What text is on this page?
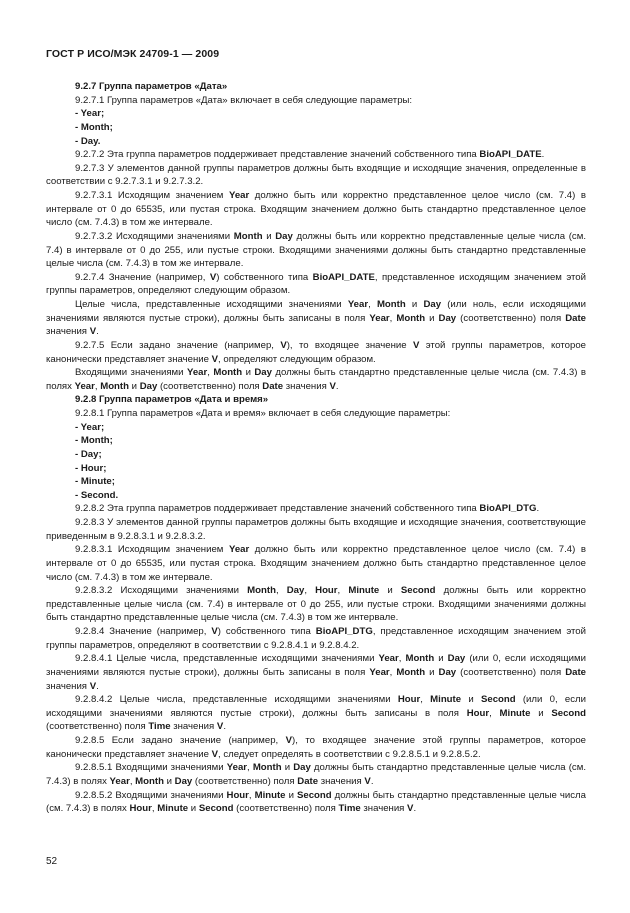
ГОСТ Р ИСО/МЭК 24709-1 — 2009

9.2.7 Группа параметров «Дата»

9.2.7.1 Группа параметров «Дата» включает в себя следующие параметры:

- Year;

- Month;

- Day.

9.2.7.2 Эта группа параметров поддерживает представление значений собственного типа BioAPI_DATE.

9.2.7.3 У элементов данной группы параметров должны быть входящие и исходящие значения, определенные в соответствии с 9.2.7.3.1 и 9.2.7.3.2.

9.2.7.3.1 Исходящим значением Year должно быть или корректно представленное целое число (см. 7.4) в интервале от 0 до 65535, или пустая строка. Входящим значением должно быть стандартно представленное целое число (см. 7.4.3) в том же интервале.

9.2.7.3.2 Исходящими значениями Month и Day должны быть или корректно представленные целые числа (см. 7.4) в интервале от 0 до 255, или пустые строки. Входящими значениями должны быть стандартно представленные целые числа (см. 7.4.3) в том же интервале.

9.2.7.4 Значение (например, V) собственного типа BioAPI_DATE, представленное исходящим значением этой группы параметров, определяют следующим образом.

Целые числа, представленные исходящими значениями Year, Month и Day (или ноль, если исходящими значениями являются пустые строки), должны быть записаны в поля Year, Month и Day (соответственно) поля Date значения V.

9.2.7.5 Если задано значение (например, V), то входящее значение V этой группы параметров, которое канонически представляет значение V, определяют следующим образом.

Входящими значениями Year, Month и Day должны быть стандартно представленные целые числа (см. 7.4.3) в полях Year, Month и Day (соответственно) поля Date значения V.

9.2.8 Группа параметров «Дата и время»

9.2.8.1 Группа параметров «Дата и время» включает в себя следующие параметры:

- Year;

- Month;

- Day;

- Hour;

- Minute;

- Second.

9.2.8.2 Эта группа параметров поддерживает представление значений собственного типа BioAPI_DTG.

9.2.8.3 У элементов данной группы параметров должны быть входящие и исходящие значения, соответствующие приведенным в 9.2.8.3.1 и 9.2.8.3.2.

9.2.8.3.1 Исходящим значением Year должно быть или корректно представленное целое число (см. 7.4) в интервале от 0 до 65535, или пустая строка. Входящим значением должно быть стандартно представленное целое число (см. 7.4.3) в том же интервале.

9.2.8.3.2 Исходящими значениями Month, Day, Hour, Minute и Second должны быть или корректно представленные целые числа (см. 7.4) в интервале от 0 до 255, или пустые строки. Входящими значениями должны быть стандартно представленные целые числа (см. 7.4.3) в том же интервале.

9.2.8.4 Значение (например, V) собственного типа BioAPI_DTG, представленное исходящим значением этой группы параметров, определяют в соответствии с 9.2.8.4.1 и 9.2.8.4.2.

9.2.8.4.1 Целые числа, представленные исходящими значениями Year, Month и Day (или 0, если исходящими значениями являются пустые строки), должны быть записаны в поля Year, Month и Day (соответственно) поля Date значения V.

9.2.8.4.2 Целые числа, представленные исходящими значениями Hour, Minute и Second (или 0, если исходящими значениями являются пустые строки), должны быть записаны в поля Hour, Minute и Second (соответственно) поля Time значения V.

9.2.8.5 Если задано значение (например, V), то входящее значение этой группы параметров, которое канонически представляет значение V, следует определять в соответствии с 9.2.8.5.1 и 9.2.8.5.2.

9.2.8.5.1 Входящими значениями Year, Month и Day должны быть стандартно представленные целые числа (см. 7.4.3) в полях Year, Month и Day (соответственно) поля Date значения V.

9.2.8.5.2 Входящими значениями Hour, Minute и Second должны быть стандартно представленные целые числа (см. 7.4.3) в полях Hour, Minute и Second (соответственно) поля Time значения V.

52
